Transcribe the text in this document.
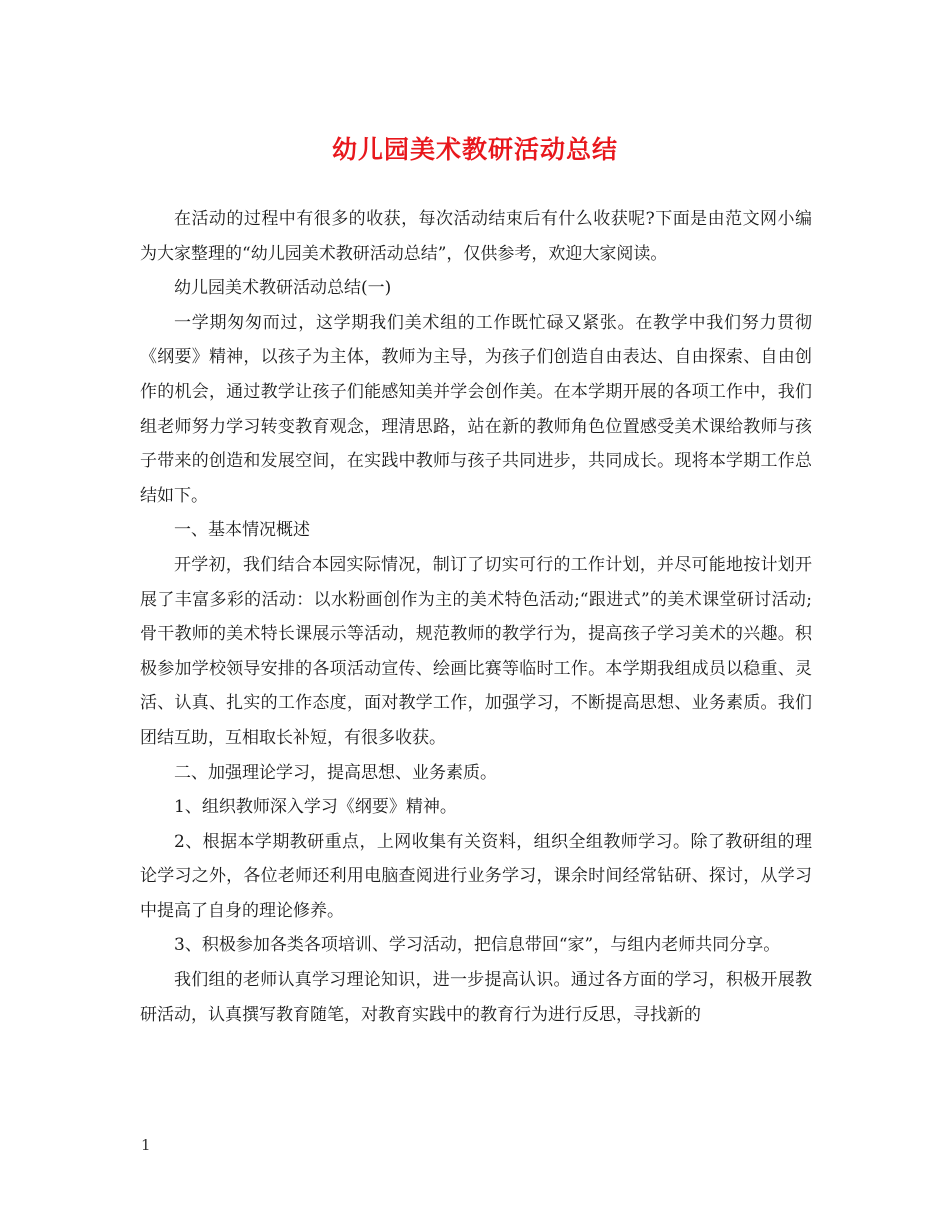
幼儿园美术教研活动总结

在活动的过程中有很多的收获，每次活动结束后有什么收获呢?下面是由范文网小编为大家整理的“幼儿园美术教研活动总结”，仅供参考，欢迎大家阅读。

幼儿园美术教研活动总结(一)

一学期匆匆而过，这学期我们美术组的工作既忙碌又紧张。在教学中我们努力贯彻《纲要》精神，以孩子为主体，教师为主导，为孩子们创造自由表达、自由探索、自由创作的机会，通过教学让孩子们能感知美并学会创作美。在本学期开展的各项工作中，我们组老师努力学习转变教育观念，理清思路，站在新的教师角色位置感受美术课给教师与孩子带来的创造和发展空间，在实践中教师与孩子共同进步，共同成长。现将本学期工作总结如下。

一、基本情况概述

开学初，我们结合本园实际情况，制订了切实可行的工作计划，并尽可能地按计划开展了丰富多彩的活动：以水粉画创作为主的美术特色活动;“跟进式”的美术课堂研讨活动;骨干教师的美术特长课展示等活动，规范教师的教学行为，提高孩子学习美术的兴趣。积极参加学校领导安排的各项活动宣传、绘画比赛等临时工作。本学期我组成员以稳重、灵活、认真、扎实的工作态度，面对教学工作，加强学习，不断提高思想、业务素质。我们团结互助，互相取长补短，有很多收获。

二、加强理论学习，提高思想、业务素质。

1、组织教师深入学习《纲要》精神。

2、根据本学期教研重点，上网收集有关资料，组织全组教师学习。除了教研组的理论学习之外，各位老师还利用电脑查阅进行业务学习，课余时间经常钻研、探讨，从学习中提高了自身的理论修养。

3、积极参加各类各项培训、学习活动，把信息带回“家”，与组内老师共同分享。

我们组的老师认真学习理论知识，进一步提高认识。通过各方面的学习，积极开展教研活动，认真撰写教育随笔，对教育实践中的教育行为进行反思，寻找新的

1
